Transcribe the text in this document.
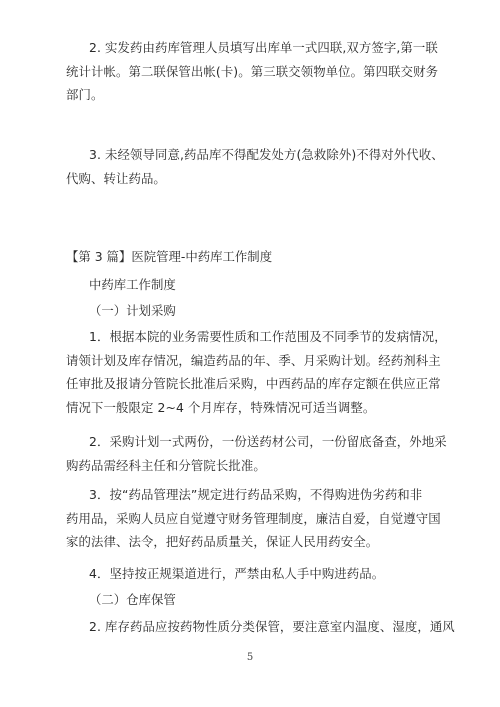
2. 实发药由药库管理人员填写出库单一式四联,双方签字,第一联
统计计帐。第二联保管出帐(卡)。第三联交领物单位。第四联交财务
部门。
3. 未经领导同意,药品库不得配发处方(急救除外)不得对外代收、
代购、转让药品。
【第 3 篇】医院管理-中药库工作制度
中药库工作制度
（一）计划采购
1．根据本院的业务需要性质和工作范围及不同季节的发病情况，
请领计划及库存情况，编造药品的年、季、月采购计划。经药剂科主
任审批及报请分管院长批准后采购，中西药品的库存定额在供应正常
情况下一般限定 2~4 个月库存，特殊情况可适当调整。
2．采购计划一式两份，一份送药材公司，一份留底备查，外地采
购药品需经科主任和分管院长批准。
3．按“药品管理法”规定进行药品采购，不得购进伪劣药和非
药用品，采购人员应自觉遵守财务管理制度，廉洁自爱，自觉遵守国
家的法律、法令，把好药品质量关，保证人民用药安全。
4．坚持按正规渠道进行，严禁由私人手中购进药品。
（二）仓库保管
2. 库存药品应按药物性质分类保管，要注意室内温度、湿度，通风
5
